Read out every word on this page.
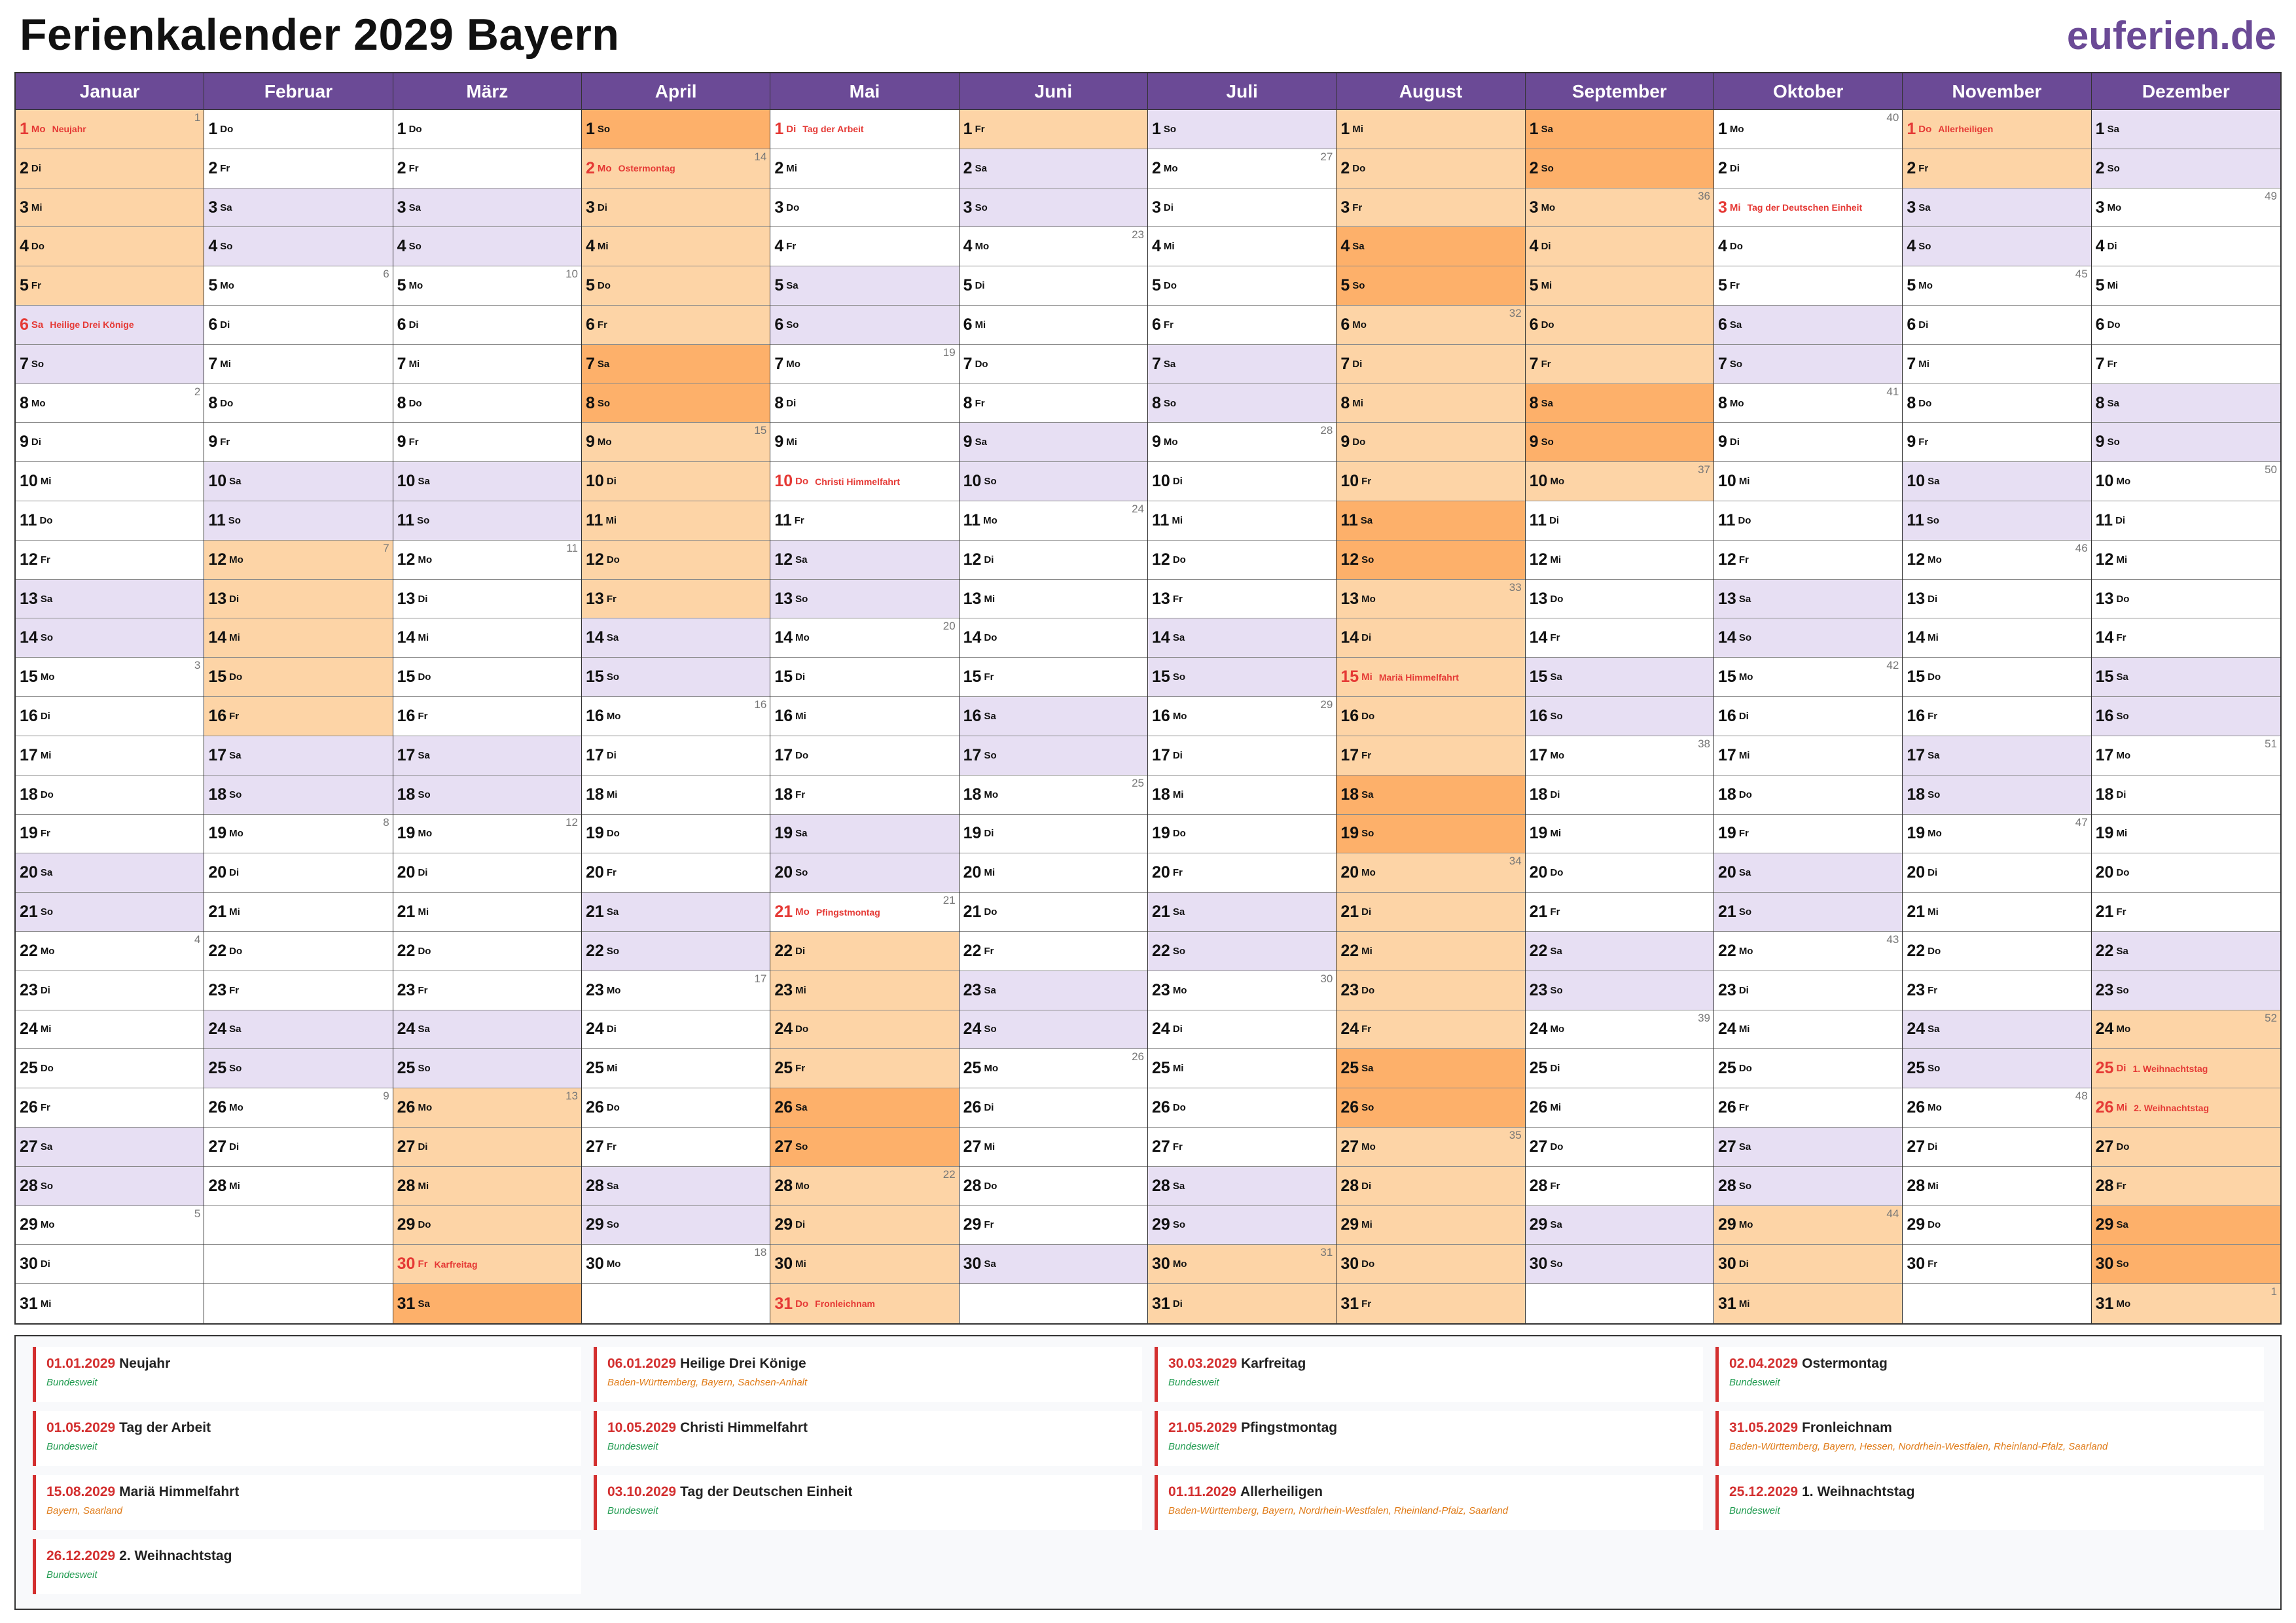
Ferienkalender 2029 Bayern	euferien.de
Januar
1 Mo Neujahr
1
2 Di
3 Mi
4 Do
5 Fr
6 Sa Heilige Drei Könige
7 So
8 Mo
2
9 Di
10 Mi
11 Do
12 Fr
13 Sa
14 So
15 Mo
3
16 Di
17 Mi
18 Do
19 Fr
20 Sa
21 So
22 Mo
4
23 Di
24 Mi
25 Do
26 Fr
27 Sa
28 So
29 Mo
5
30 Di
31 Mi
Februar
1 Do
2 Fr
3 Sa
4 So
5 Mo
6
6 Di
7 Mi
8 Do
9 Fr
10 Sa
11 So
12 Mo
7
13 Di
14 Mi
15 Do
16 Fr
17 Sa
18 So
19 Mo
8
20 Di
21 Mi
22 Do
23 Fr
24 Sa
25 So
26 Mo
9
27 Di
28 Mi
März
1 Do
2 Fr
3 Sa
4 So
5 Mo
10
6 Di
7 Mi
8 Do
9 Fr
10 Sa
11 So
12 Mo
11
13 Di
14 Mi
15 Do
16 Fr
17 Sa
18 So
19 Mo
12
20 Di
21 Mi
22 Do
23 Fr
24 Sa
25 So
26 Mo
13
27 Di
28 Mi
29 Do
30 Fr Karfreitag
31 Sa
April
1 So
2 Mo Ostermontag
14
3 Di
4 Mi
5 Do
6 Fr
7 Sa
8 So
9 Mo
15
10 Di
11 Mi
12 Do
13 Fr
14 Sa
15 So
16 Mo
16
17 Di
18 Mi
19 Do
20 Fr
21 Sa
22 So
23 Mo
17
24 Di
25 Mi
26 Do
27 Fr
28 Sa
29 So
30 Mo
18
Mai
1 Di Tag der Arbeit
2 Mi
3 Do
4 Fr
5 Sa
6 So
7 Mo
19
8 Di
9 Mi
10 Do Christi Himmelfahrt
11 Fr
12 Sa
13 So
14 Mo
20
15 Di
16 Mi
17 Do
18 Fr
19 Sa
20 So
21 Mo Pfingstmontag
21
22 Di
23 Mi
24 Do
25 Fr
26 Sa
27 So
28 Mo
22
29 Di
30 Mi
31 Do Fronleichnam
Juni
1 Fr
2 Sa
3 So
4 Mo
23
5 Di
6 Mi
7 Do
8 Fr
9 Sa
10 So
11 Mo
24
12 Di
13 Mi
14 Do
15 Fr
16 Sa
17 So
18 Mo
25
19 Di
20 Mi
21 Do
22 Fr
23 Sa
24 So
25 Mo
26
26 Di
27 Mi
28 Do
29 Fr
30 Sa
Juli
1 So
2 Mo
27
3 Di
4 Mi
5 Do
6 Fr
7 Sa
8 So
9 Mo
28
10 Di
11 Mi
12 Do
13 Fr
14 Sa
15 So
16 Mo
29
17 Di
18 Mi
19 Do
20 Fr
21 Sa
22 So
23 Mo
30
24 Di
25 Mi
26 Do
27 Fr
28 Sa
29 So
30 Mo
31
31 Di
August
1 Mi
2 Do
3 Fr
4 Sa
5 So
6 Mo
32
7 Di
8 Mi
9 Do
10 Fr
11 Sa
12 So
13 Mo
33
14 Di
15 Mi Mariä Himmelfahrt
16 Do
17 Fr
18 Sa
19 So
20 Mo
34
21 Di
22 Mi
23 Do
24 Fr
25 Sa
26 So
27 Mo
35
28 Di
29 Mi
30 Do
31 Fr
September
1 Sa
2 So
3 Mo
36
4 Di
5 Mi
6 Do
7 Fr
8 Sa
9 So
10 Mo
37
11 Di
12 Mi
13 Do
14 Fr
15 Sa
16 So
17 Mo
38
18 Di
19 Mi
20 Do
21 Fr
22 Sa
23 So
24 Mo
39
25 Di
26 Mi
27 Do
28 Fr
29 Sa
30 So
Oktober
1 Mo
40
2 Di
3 Mi Tag der Deutschen Einheit
4 Do
5 Fr
6 Sa
7 So
8 Mo
41
9 Di
10 Mi
11 Do
12 Fr
13 Sa
14 So
15 Mo
42
16 Di
17 Mi
18 Do
19 Fr
20 Sa
21 So
22 Mo
43
23 Di
24 Mi
25 Do
26 Fr
27 Sa
28 So
29 Mo
44
30 Di
31 Mi
November
1 Do Allerheiligen
2 Fr
3 Sa
4 So
5 Mo
45
6 Di
7 Mi
8 Do
9 Fr
10 Sa
11 So
12 Mo
46
13 Di
14 Mi
15 Do
16 Fr
17 Sa
18 So
19 Mo
47
20 Di
21 Mi
22 Do
23 Fr
24 Sa
25 So
26 Mo
48
27 Di
28 Mi
29 Do
30 Fr
Dezember
1 Sa
2 So
3 Mo
49
4 Di
5 Mi
6 Do
7 Fr
8 Sa
9 So
10 Mo
50
11 Di
12 Mi
13 Do
14 Fr
15 Sa
16 So
17 Mo
51
18 Di
19 Mi
20 Do
21 Fr
22 Sa
23 So
24 Mo
52
25 Di 1. Weihnachtstag
26 Mi 2. Weihnachtstag
27 Do
28 Fr
29 Sa
30 So
31 Mo
1
01.01.2029 Neujahr
Bundesweit
06.01.2029 Heilige Drei Könige
Baden-Württemberg, Bayern, Sachsen-Anhalt
30.03.2029 Karfreitag
Bundesweit
02.04.2029 Ostermontag
Bundesweit
01.05.2029 Tag der Arbeit
Bundesweit
10.05.2029 Christi Himmelfahrt
Bundesweit
21.05.2029 Pfingstmontag
Bundesweit
31.05.2029 Fronleichnam
Baden-Württemberg, Bayern, Hessen, Nordrhein-Westfalen, Rheinland-Pfalz, Saarland
15.08.2029 Mariä Himmelfahrt
Bayern, Saarland
03.10.2029 Tag der Deutschen Einheit
Bundesweit
01.11.2029 Allerheiligen
Baden-Württemberg, Bayern, Nordrhein-Westfalen, Rheinland-Pfalz, Saarland
25.12.2029 1. Weihnachtstag
Bundesweit
26.12.2029 2. Weihnachtstag
Bundesweit
